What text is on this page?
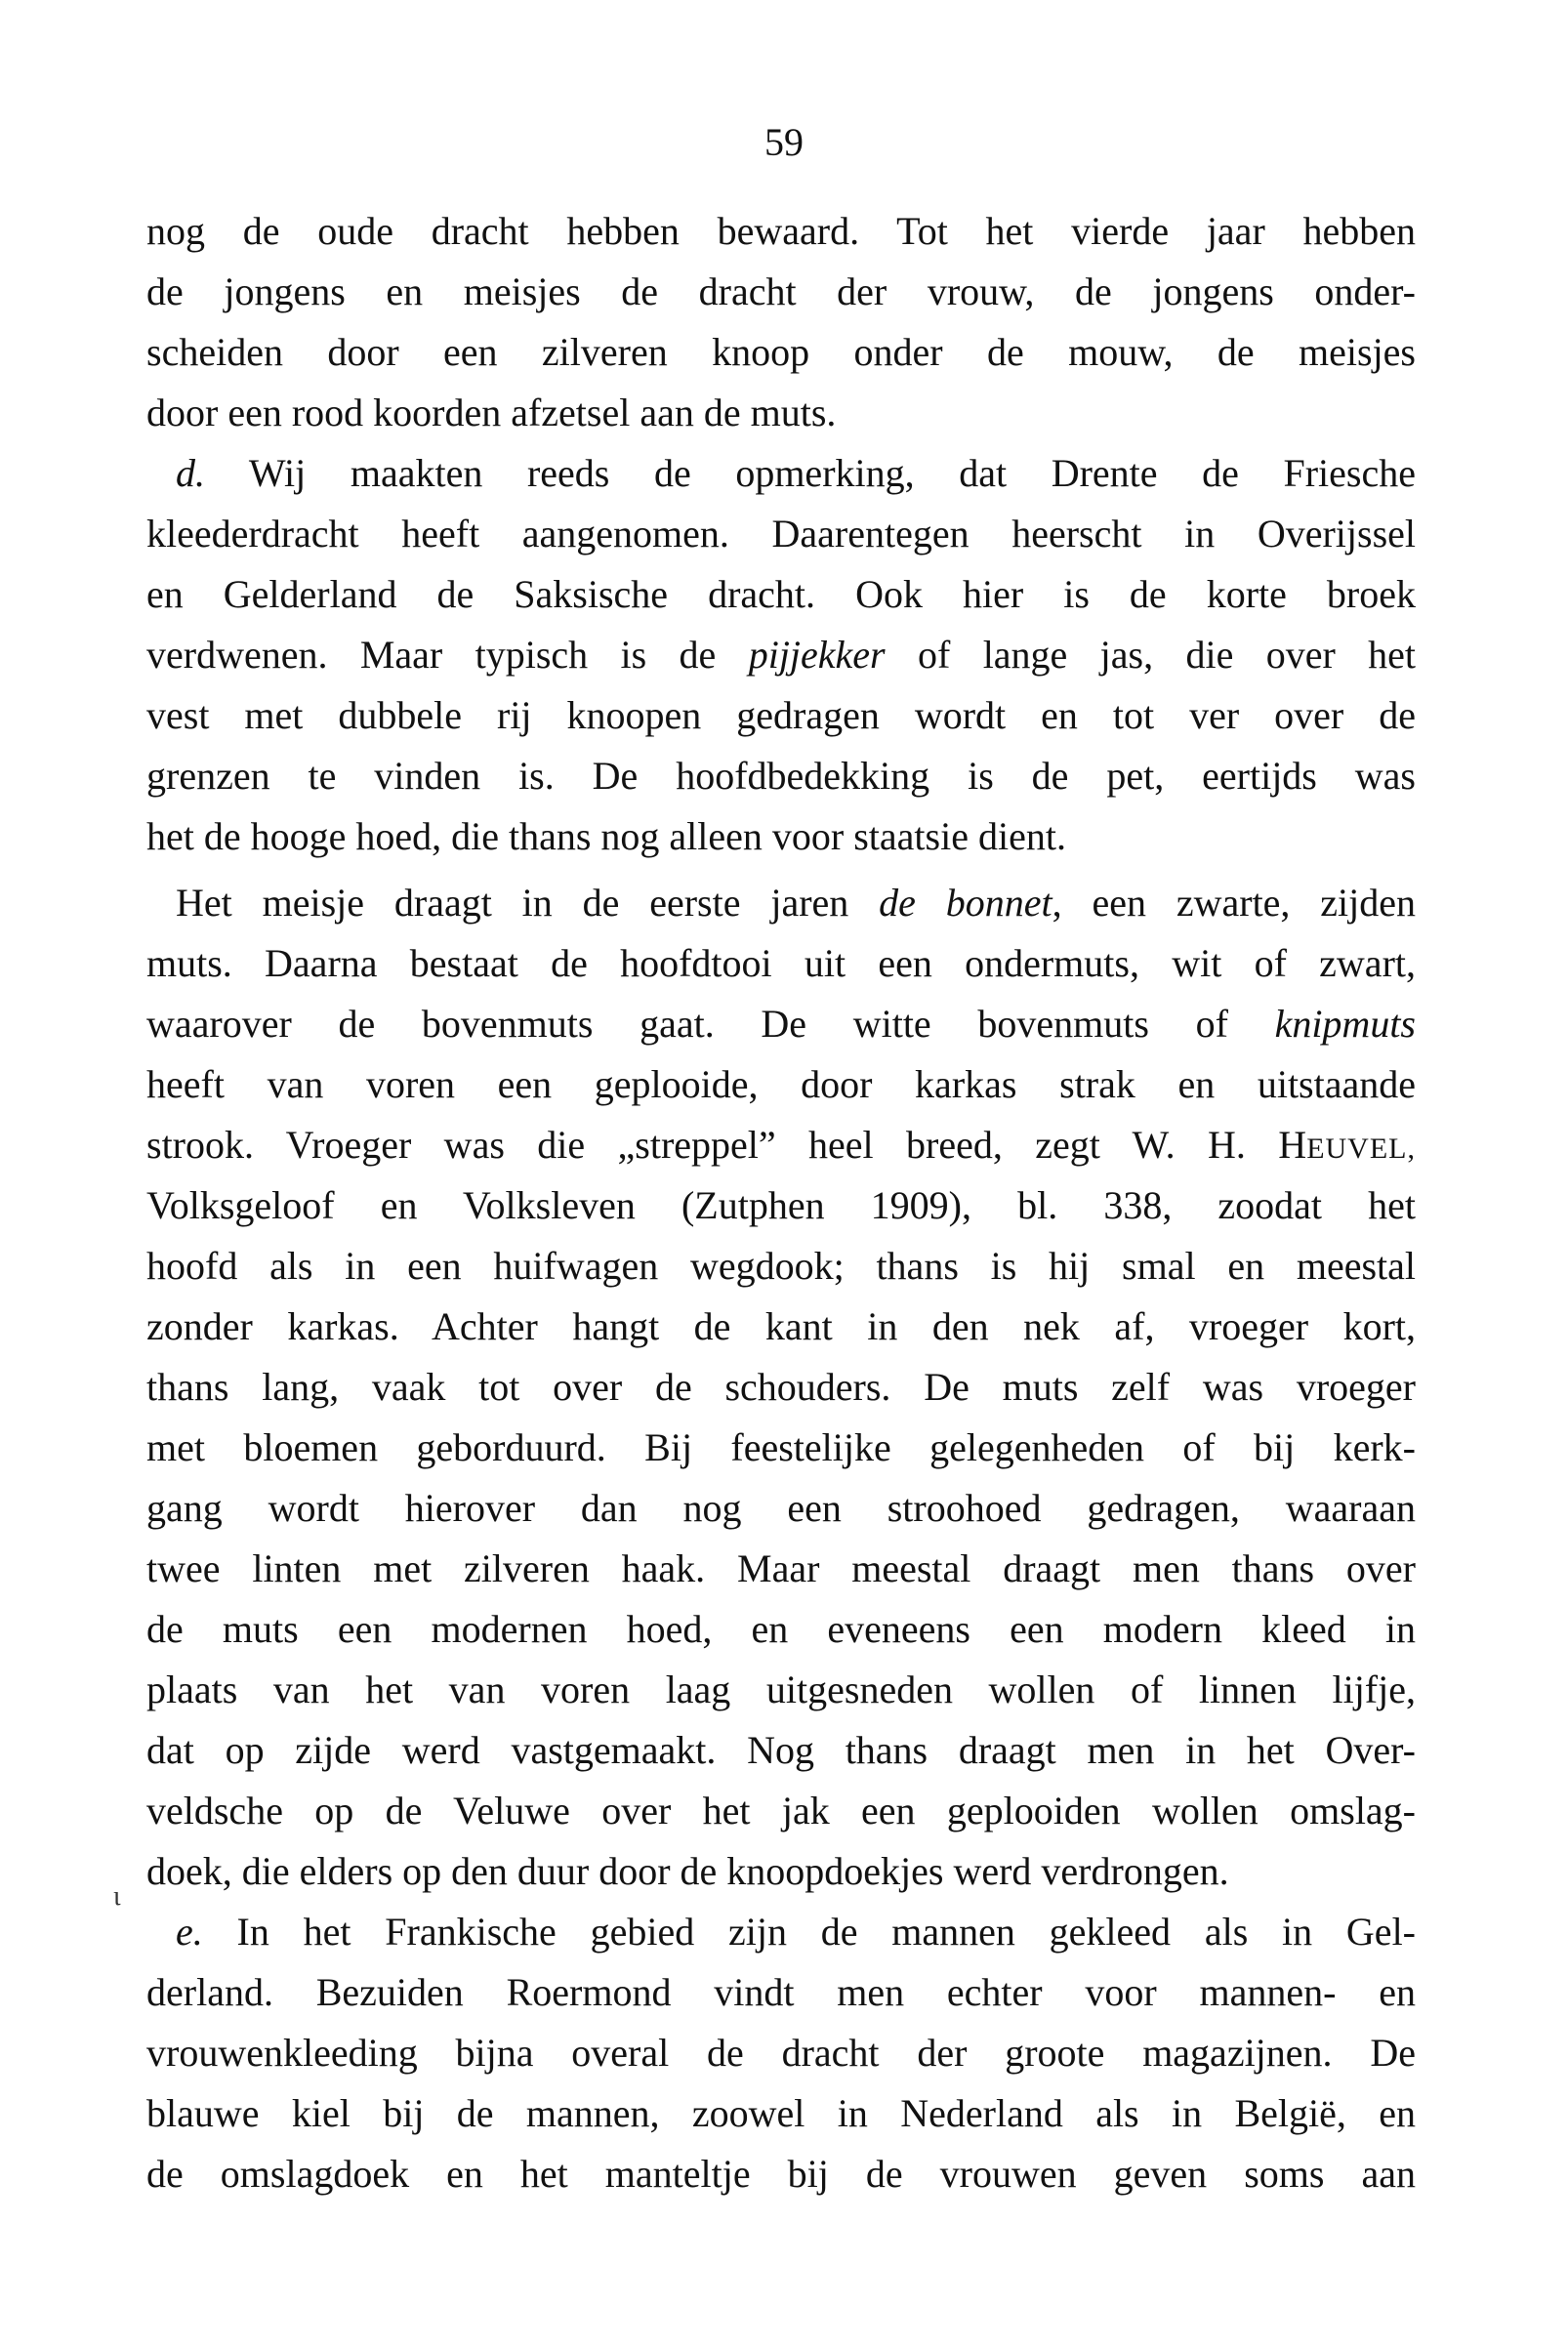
59
ι
nog de oude dracht hebben bewaard. Tot het vierde jaar hebben
de jongens en meisjes de dracht der vrouw, de jongens onder-
scheiden door een zilveren knoop onder de mouw, de meisjes
door een rood koorden afzetsel aan de muts.
d. Wij maakten reeds de opmerking, dat Drente de Friesche
kleederdracht heeft aangenomen. Daarentegen heerscht in Overijssel
en Gelderland de Saksische dracht. Ook hier is de korte broek
verdwenen. Maar typisch is de pijjekker of lange jas, die over het
vest met dubbele rij knoopen gedragen wordt en tot ver over de
grenzen te vinden is. De hoofdbedekking is de pet, eertijds was
het de hooge hoed, die thans nog alleen voor staatsie dient.
Het meisje draagt in de eerste jaren de bonnet, een zwarte, zijden
muts. Daarna bestaat de hoofdtooi uit een ondermuts, wit of zwart,
waarover de bovenmuts gaat. De witte bovenmuts of knipmuts
heeft van voren een geplooide, door karkas strak en uitstaande
strook. Vroeger was die „streppel” heel breed, zegt W. H. HEUVEL,
Volksgeloof en Volksleven (Zutphen 1909), bl. 338, zoodat het
hoofd als in een huifwagen wegdook; thans is hij smal en meestal
zonder karkas. Achter hangt de kant in den nek af, vroeger kort,
thans lang, vaak tot over de schouders. De muts zelf was vroeger
met bloemen geborduurd. Bij feestelijke gelegenheden of bij kerk-
gang wordt hierover dan nog een stroohoed gedragen, waaraan
twee linten met zilveren haak. Maar meestal draagt men thans over
de muts een modernen hoed, en eveneens een modern kleed in
plaats van het van voren laag uitgesneden wollen of linnen lijfje,
dat op zijde werd vastgemaakt. Nog thans draagt men in het Over-
veldsche op de Veluwe over het jak een geplooiden wollen omslag-
doek, die elders op den duur door de knoopdoekjes werd verdrongen.
e. In het Frankische gebied zijn de mannen gekleed als in Gel-
derland. Bezuiden Roermond vindt men echter voor mannen- en
vrouwenkleeding bijna overal de dracht der groote magazijnen. De
blauwe kiel bij de mannen, zoowel in Nederland als in België, en
de omslagdoek en het manteltje bij de vrouwen geven soms aan
